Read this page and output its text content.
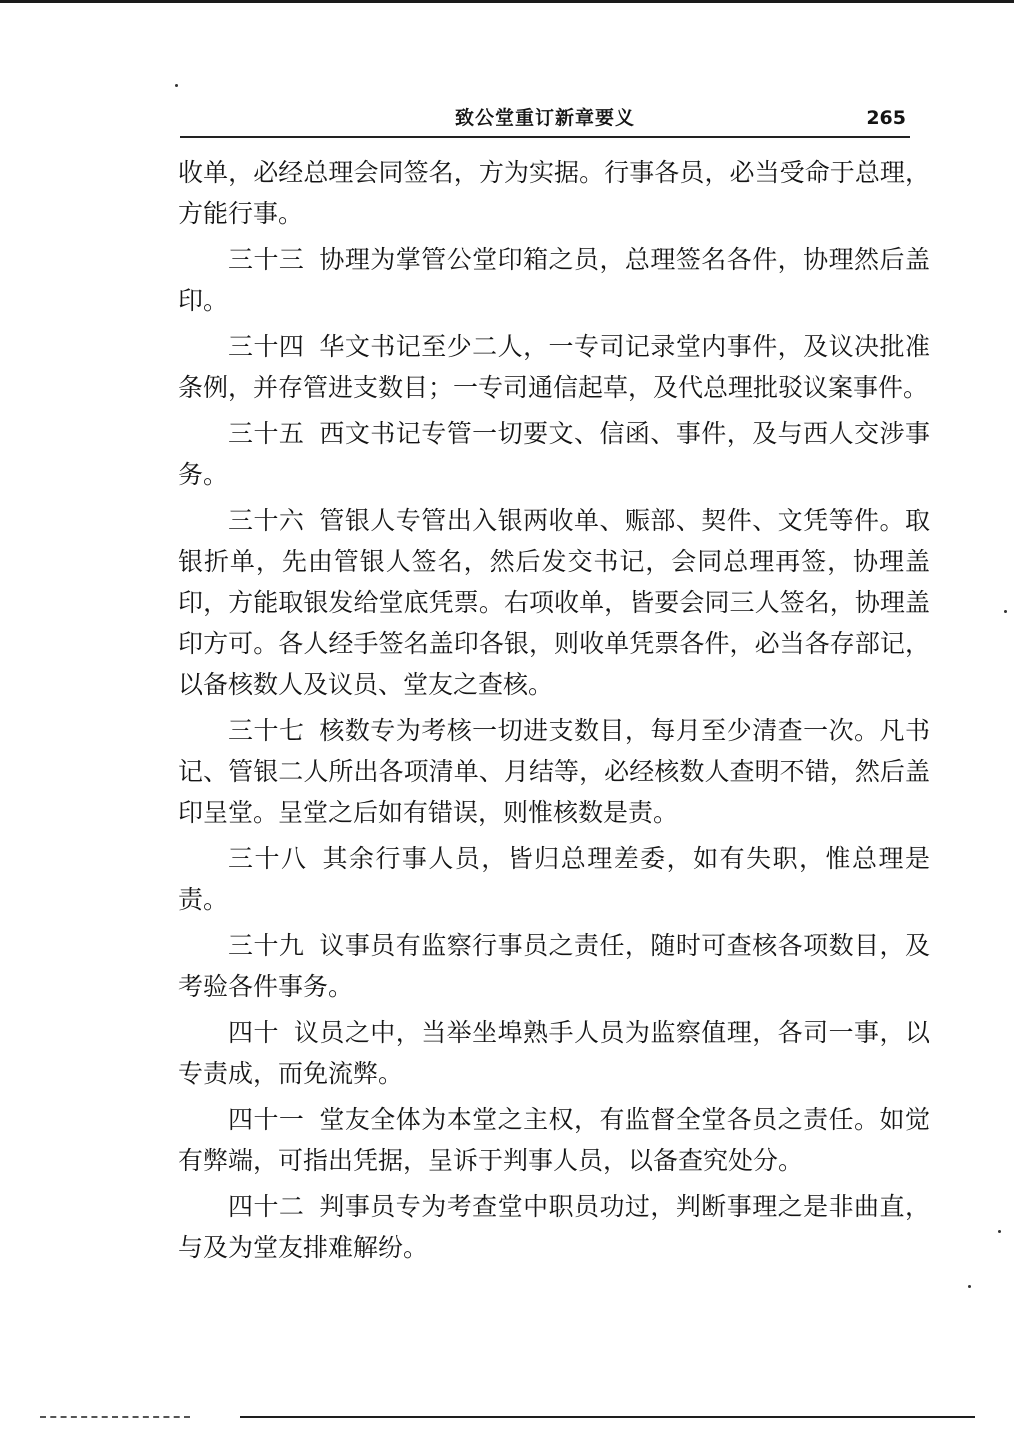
致公堂重订新章要义	265

收单，必经总理会同签名，方为实据。行事各员，必当受命于总理，方能行事。

三十三 协理为掌管公堂印箱之员，总理签名各件，协理然后盖印。

三十四 华文书记至少二人，一专司记录堂内事件，及议决批准条例，并存管进支数目；一专司通信起草，及代总理批驳议案事件。

三十五 西文书记专管一切要文、信函、事件，及与西人交涉事务。

三十六 管银人专管出入银两收单、赈部、契件、文凭等件。取银折单，先由管银人签名，然后发交书记，会同总理再签，协理盖印，方能取银发给堂底凭票。右项收单，皆要会同三人签名，协理盖印方可。各人经手签名盖印各银，则收单凭票各件，必当各存部记，以备核数人及议员、堂友之查核。

三十七 核数专为考核一切进支数目，每月至少清查一次。凡书记、管银二人所出各项清单、月结等，必经核数人查明不错，然后盖印呈堂。呈堂之后如有错误，则惟核数是责。

三十八 其余行事人员，皆归总理差委，如有失职，惟总理是责。

三十九 议事员有监察行事员之责任，随时可查核各项数目，及考验各件事务。

四十 议员之中，当举坐埠熟手人员为监察值理，各司一事，以专责成，而免流弊。

四十一 堂友全体为本堂之主权，有监督全堂各员之责任。如觉有弊端，可指出凭据，呈诉于判事人员，以备查究处分。

四十二 判事员专为考查堂中职员功过，判断事理之是非曲直，与及为堂友排难解纷。
